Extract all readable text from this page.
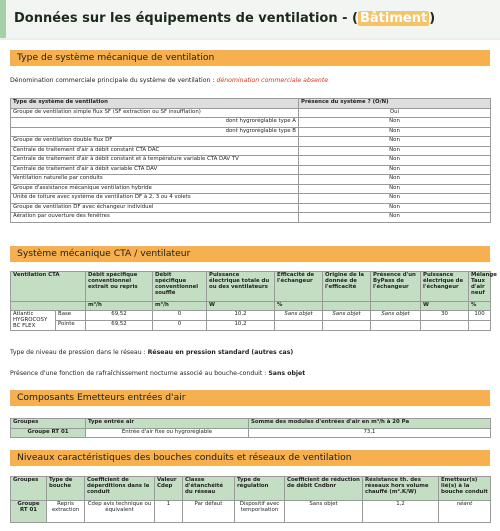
Données sur les équipements de ventilation - ( Bâtiment )
Type de système mécanique de ventilation
Dénomination commerciale principale du système de ventilation : dénomination commerciale absente
Type de système de ventilation	Présence du système ? (O/N)
Groupe de ventilation simple flux SF (SF extraction ou SF insufflation)	Oui
dont hygroréglable type A	Non
dont hygroréglable type B	Non
Groupe de ventilation double flux DF	Non
Centrale de traitement d'air à débit constant CTA DAC	Non
Centrale de traitement d'air à débit constant et à température variable CTA DAV TV	Non
Centrale de traitement d'air à débit variable CTA DAV	Non
Ventilation naturelle par conduits	Non
Groupe d'assistance mécanique ventilation hybride	Non
Unité de toiture avec système de ventilation DF à 2, 3 ou 4 volets	Non
Groupe de ventilation DF avec échangeur individuel	Non
Aération par ouverture des fenêtres	Non
Système mécanique CTA / ventilateur
Ventilation CTA		Débit spécifique conventionnel extrait ou repris	Débit spécifique conventionnel soufflé	Puissance électrique totale du ou des ventilateurs	Efficacité de l'échangeur	Origine de la donnée de l'efficacité	Présence d'un ByPass de l'échangeur	Puissance électrique de l'échangeur	Mélange Taux d'air neuf
		m³/h	m³/h	W	%			W	%
Atlantic HYGROCOSY BC FLEX	Base	69,52	0	10,2	Sans objet	Sans objet	Sans objet	30	100
	Pointe	69,52	0	10,2					
Type de niveau de pression dans le réseau : Réseau en pression standard (autres cas)
Présence d'une fonction de rafraîchissement nocturne associé au bouche-conduit : Sans objet
Composants Emetteurs entrées d'air
Groupes	Type entrée air	Somme des modules d'entrées d'air en m³/h à 20 Pa
Groupe RT 01	Entrée d'air fixe ou hygroréglable	73,1
Niveaux caractéristiques des bouches conduits et réseaux de ventilation
Groupes	Type de bouche	Coefficient de déperditions dans le conduit	Valeur Cdep	Classe d'étanchéité du réseau	Type de régulation	Coefficient de réduction de débit Cndbnr	Résistance th. des réseaux hors volume chauffé (m².K/W)	Emetteur(s) lié(s) à la bouche conduit
Groupe RT 01	Repris extraction	Cdep avis technique ou équivalent	1	Par défaut	Dispositif avec temporisation	Sans objet	1,2	néant
